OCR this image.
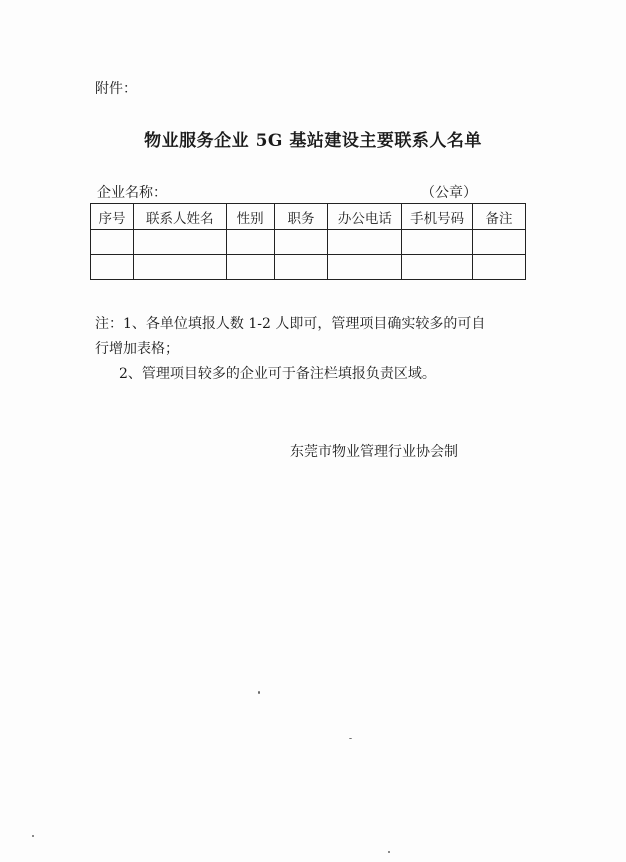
附件：
物业服务企业 5G 基站建设主要联系人名单
企业名称：	（公章）
序号	联系人姓名	性别	职务	办公电话	手机号码	备注

注：1、各单位填报人数 1-2 人即可，管理项目确实较多的可自
行增加表格；
2、管理项目较多的企业可于备注栏填报负责区域。
东莞市物业管理行业协会制
